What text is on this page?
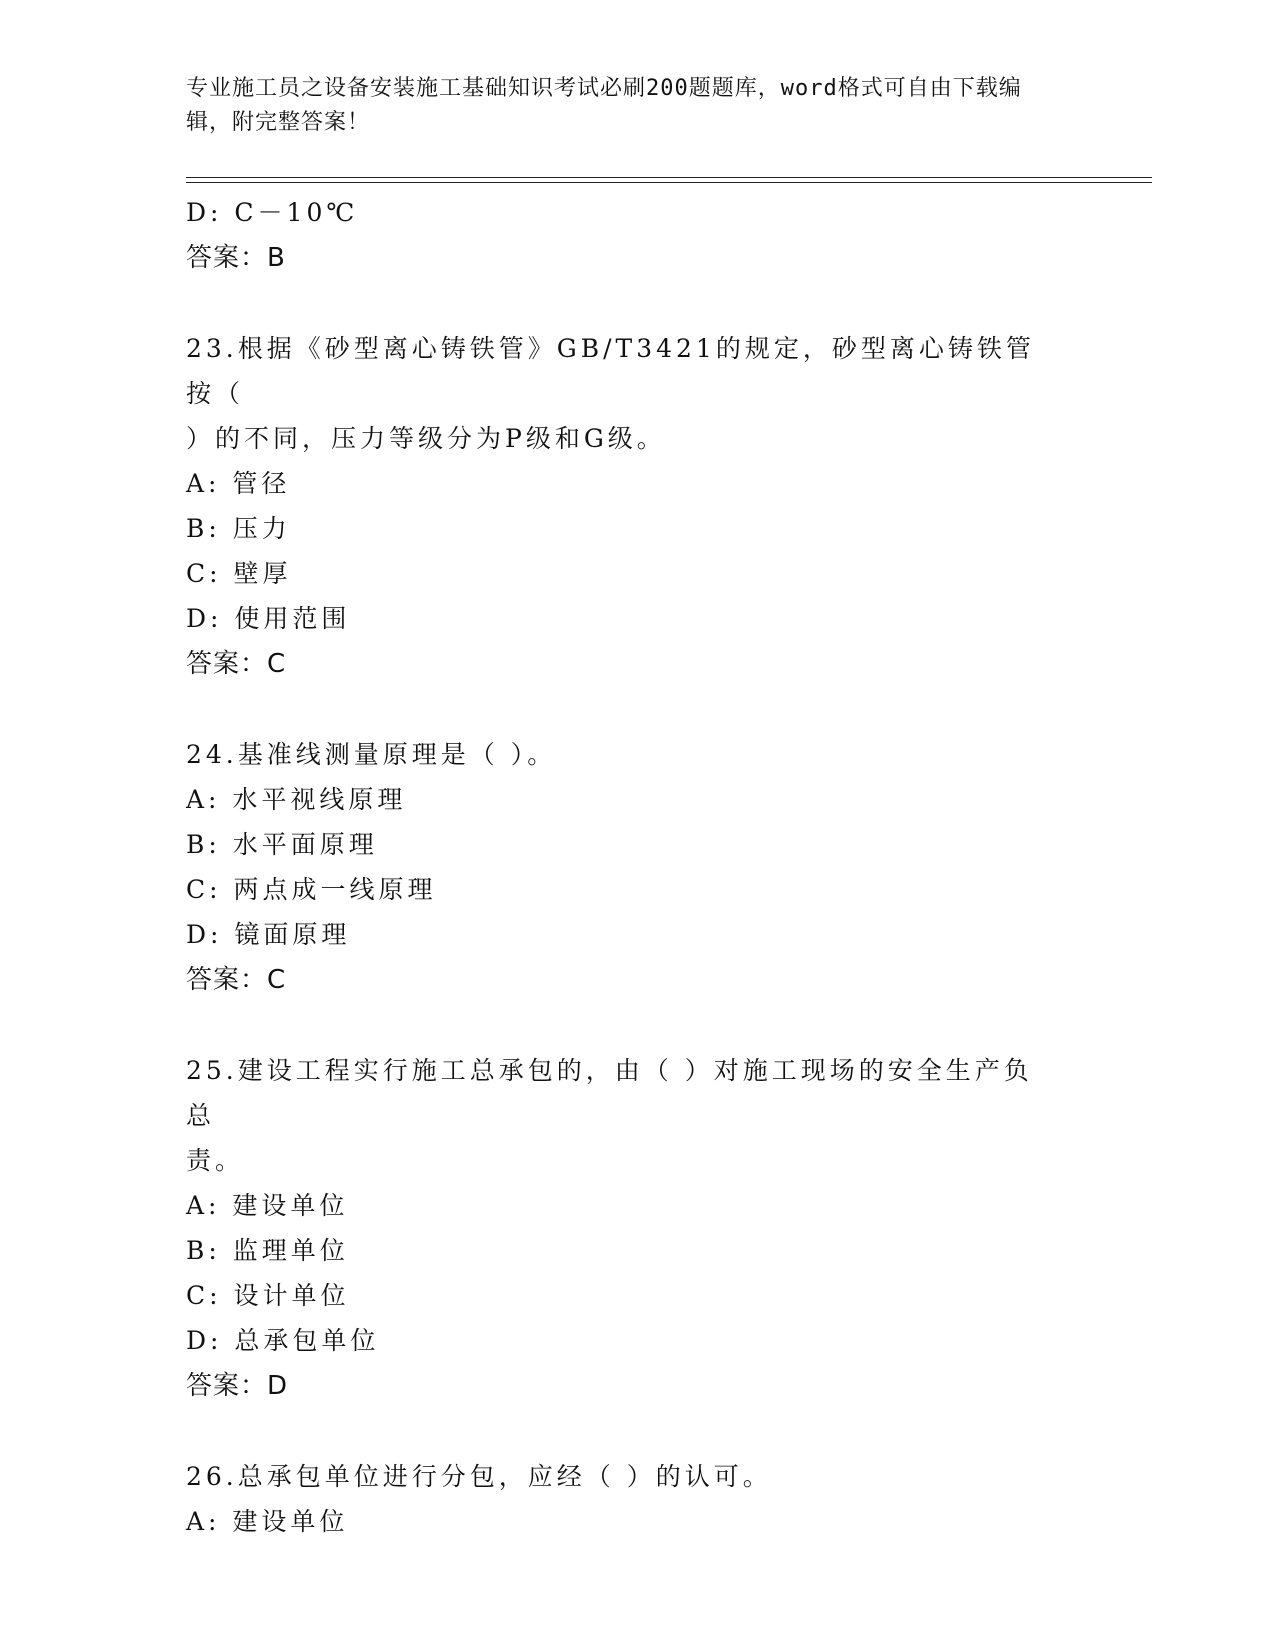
专业施工员之设备安装施工基础知识考试必刷200题题库，word格式可自由下载编辑，附完整答案！
D: C－10℃
答案：B
23.根据《砂型离心铸铁管》GB/T3421的规定，砂型离心铸铁管按（
）的不同，压力等级分为P级和G级。
A: 管径
B: 压力
C: 壁厚
D: 使用范围
答案：C
24.基准线测量原理是（ ）。
A: 水平视线原理
B: 水平面原理
C: 两点成一线原理
D: 镜面原理
答案：C
25.建设工程实行施工总承包的，由（ ）对施工现场的安全生产负总
责。
A: 建设单位
B: 监理单位
C: 设计单位
D: 总承包单位
答案：D
26.总承包单位进行分包，应经（ ）的认可。
A: 建设单位
